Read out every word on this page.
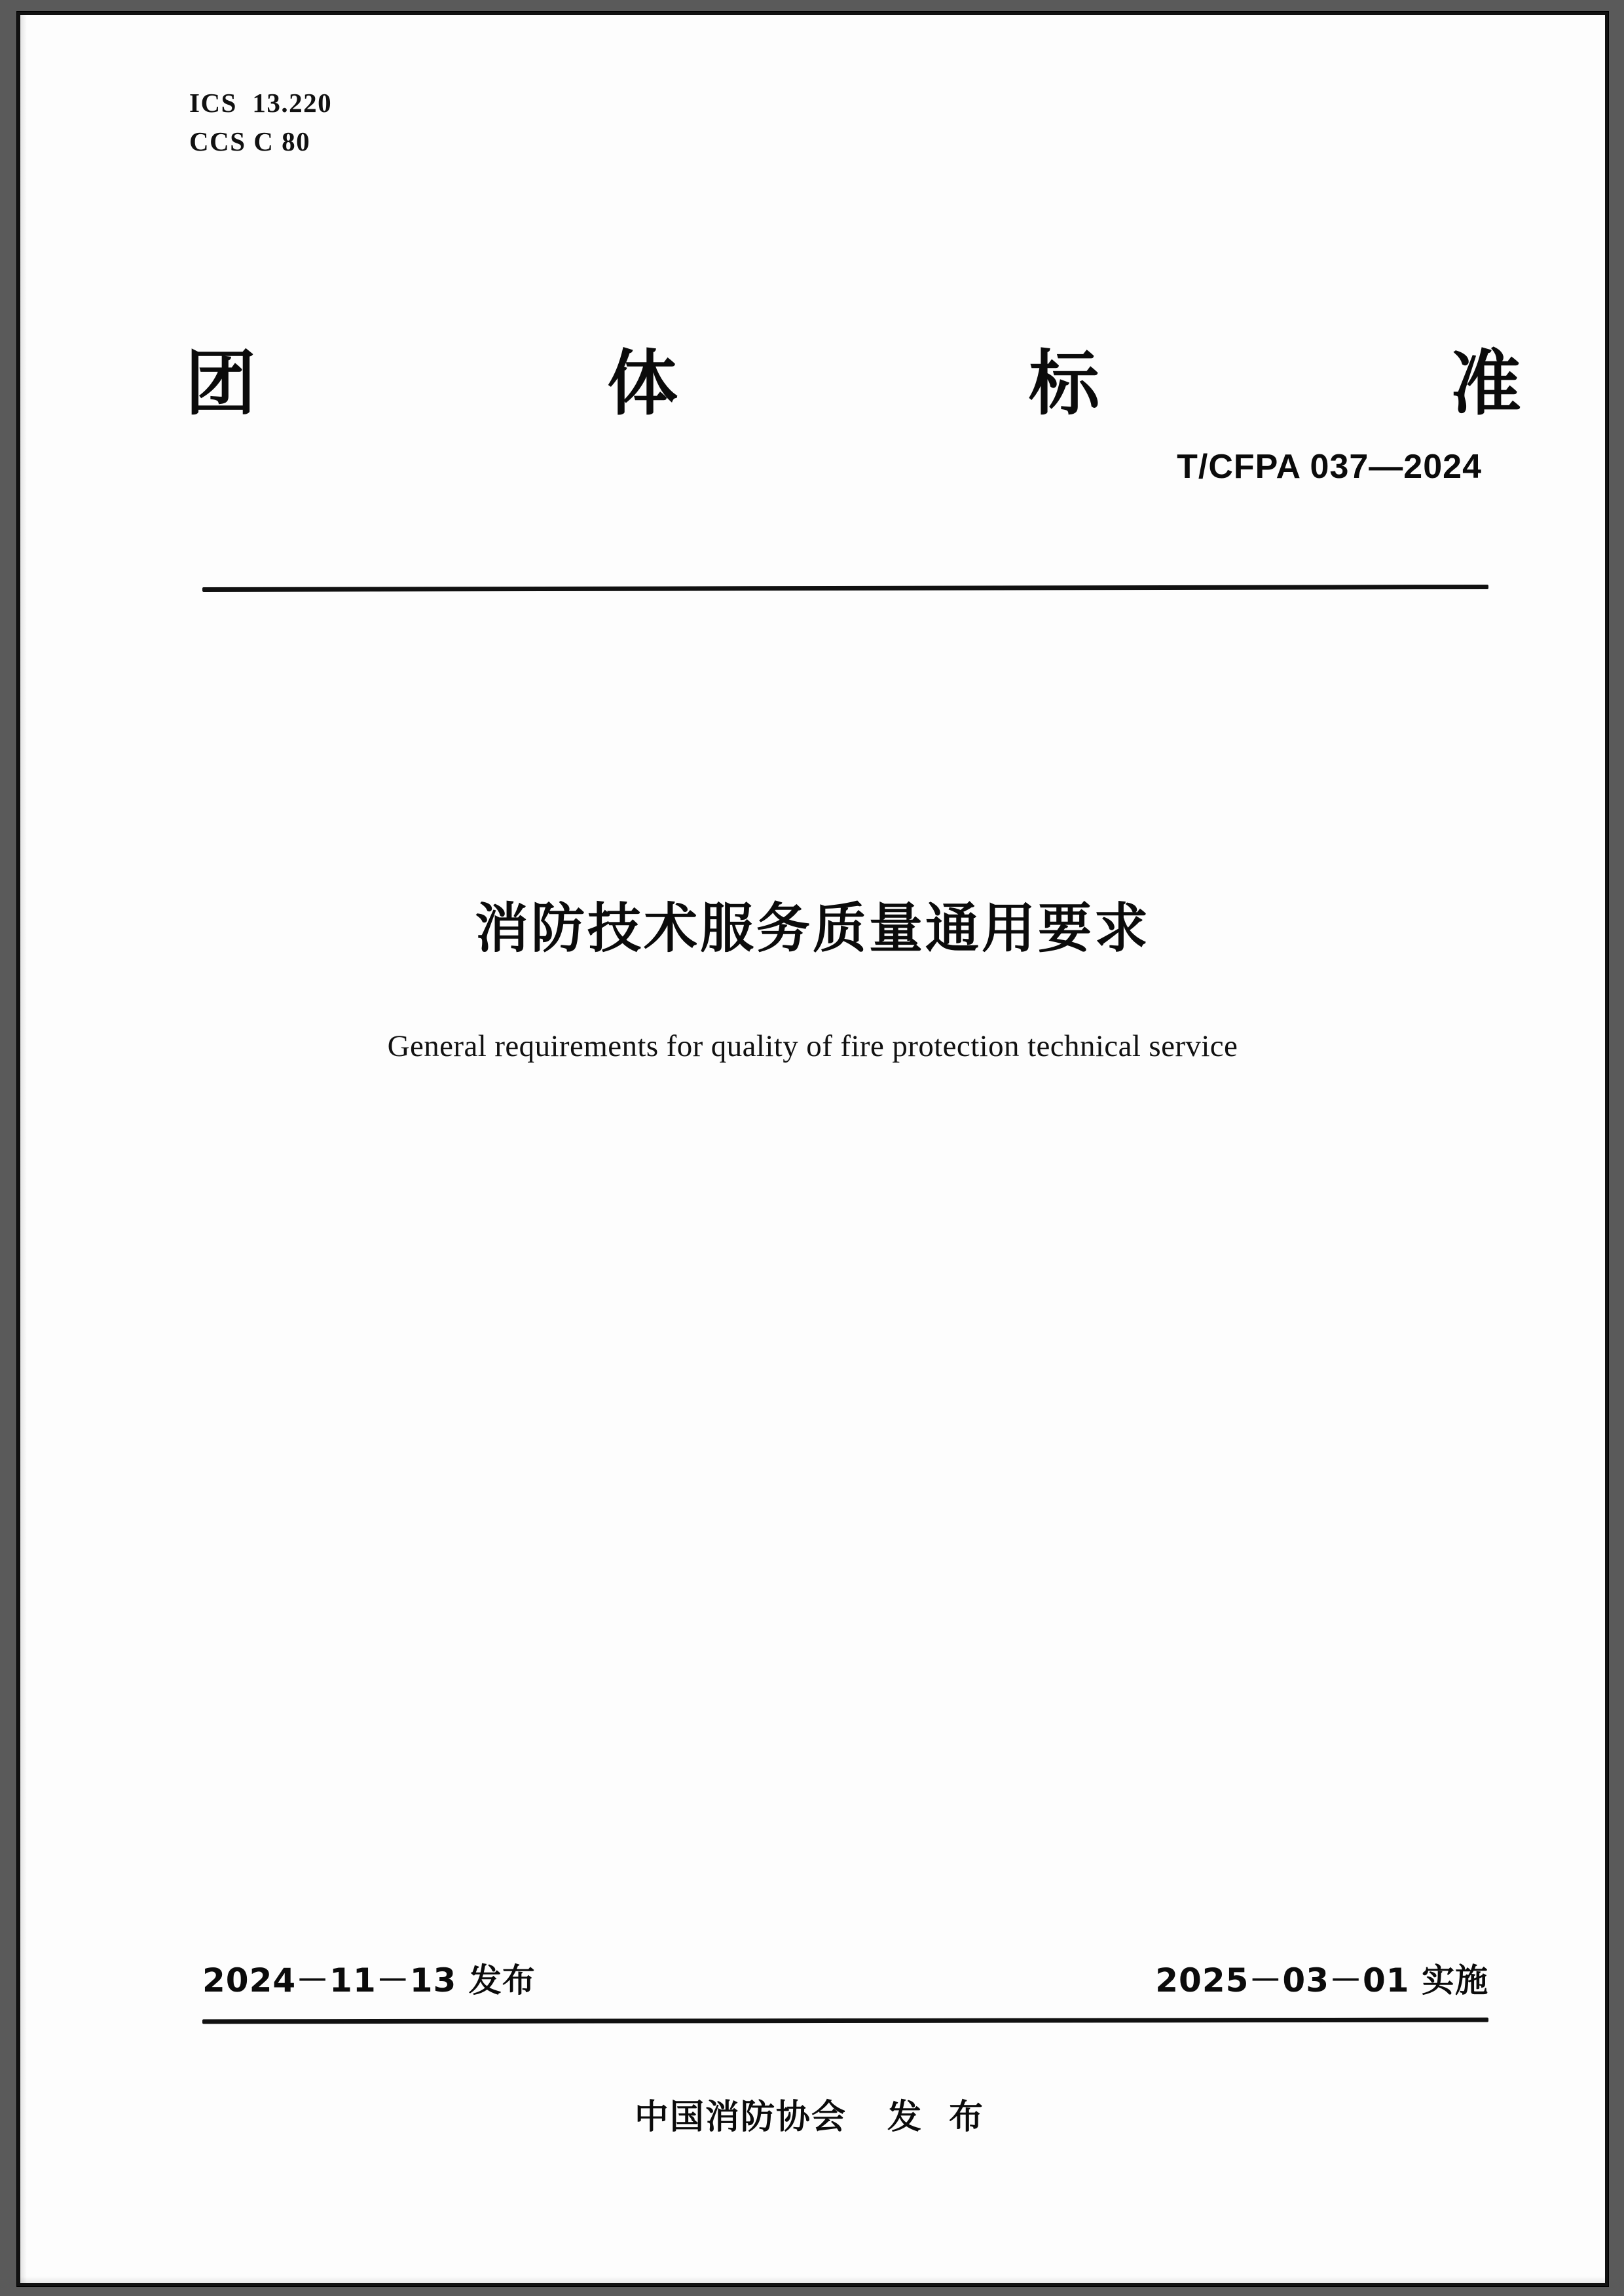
ICS  13.220
CCS C 80
团	体	标	准
T/CFPA 037—2024
消防技术服务质量通用要求
General requirements for quality of fire protection technical service
2024－11－13 发布	2025－03－01 实施
中国消防协会 发 布
